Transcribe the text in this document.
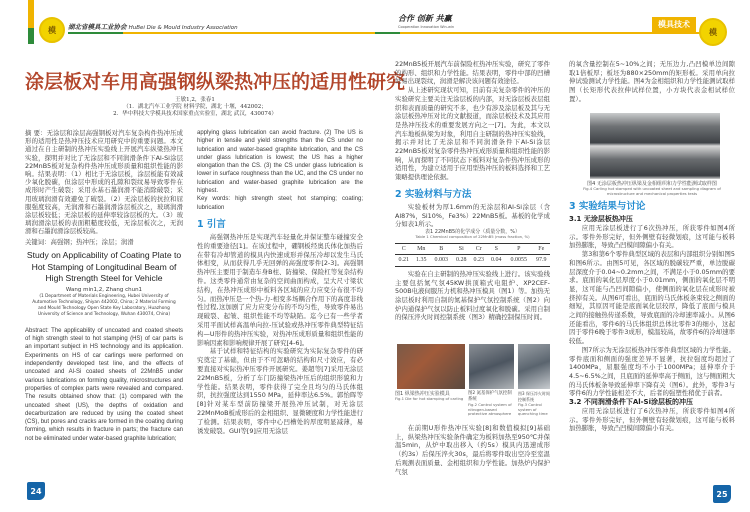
模 湖北省模具工业协会 HuBei Die & Mould Industry Association
合作 创新 共赢
Cooperation Innovation Win-win	模具技术
模
涂层板对车用高强钢纵梁热冲压的适用性研究
王敏1,2，张春1
（1．湖北汽车工业学院 材料学院，湖北 十堰，442002；
2．华中科技大学模具技术国家重点实验室，湖北 武汉，430074）
摘 要：无涂层和涂层高强钢板对汽车复杂构件热冲压成形的适用性是热冲压技术应用研究中的重要问题。本文通过在自主研制的热冲压实验线上开展汽车纵梁热冲压实验，探明并对比了无涂层和不同润滑条件下Al-Si涂层22MnB5板对复杂构件热冲压成形质量和组织性能的影响。结果表明：（1）相比于无涂层板，涂层板能有效减少氧化脱碳，但涂层中形成的孔隙和裂纹易导致零件在成形时产生破裂；采用水基石墨润滑不能消除破裂；采用玻璃润滑有效避免了破裂。（2）无涂层板的抗拉和屈服强度较高，无润滑和石墨润滑涂层板次之，玻璃润滑涂层板较低；无涂层板的延伸率较涂层板的大。（3）玻璃润滑涂层板的表面粗糙度较低，无涂层板次之，无润滑和石墨润滑涂层板较高。
关键词：高强钢；热冲压；涂层；润滑
Study on Applicability of Coating Plate to Hot Stamping of Longitudinal Beam of High Strength Steel for Vehicle
Wang min1,2, Zhang chun1
(1 Department of Materials Engineering, Hubei University of Automotive Technology, Shiyan 442002, China; 2 Material Forming and Mould Technology Open State Key Laboratory, Huazhong University of Science and Technology, Wuhan 430074, China)
Abstract: The applicability of uncoated and coated sheets of high strength steel to hot stamping (HS) of car parts is an important subject in HS technology and its application. Experiments on HS of car carlings were performed on independently developed test line, and the effects of uncoated and Al-Si coated sheets of 22MnB5 under various lubrications on forming quality, microstructures and properties of complex parts were revealed and compared. The results obtained show that: (1) compared with the uncoated sheet (US), the depths of oxidation and decarburization are reduced by using the coated sheet (CS), but pores and cracks are formed in the coating during forming, which results in fracture in parts; the fracture can not be eliminated under water-based graphite lubrication;
applying glass lubrication can avoid fracture. (2) The US is higher in tensile and yield strengths than the CS under no lubrication and water-based graphite lubrication, and the CS under glass lubrication is lowest; the US has a higher elongation than the CS. (3) the CS under glass lubrication is lower in surface roughness than the UC, and the CS under no lubrication and water-based graphite lubrication are the highest.
Key words: high strength steel; hot stamping; coating; lubrication
1 引言
高强钢热冲压是实现汽车轻量化并保证整车碰撞安全性的重要途径[1]。在该过程中，硼钢板经奥氏体化加热后在带有冷却管道的模具内快速成形并保压冷却以发生马氏体相变，从而获得几乎无回弹的高强度零件[2-3]。高强钢热冲压主要用于制造车身B柱、防撞梁、保险杠等复杂结构件。这类零件通常由复杂的空间曲面构成，呈大尺寸梁状结构，在热冲压成形中板料各区域的应力应变分布很不均匀。而热冲压是一个热-力-相变多场耦合作用下的高度非线性过程,这加剧了应力应变分布的不均匀性，导致零件易出现破裂、起皱、组织性能不均等缺陷。迄今已有一些学者采用平面试样高温单向拉-压试验或热冲压零件典型特征结构—U形件的热冲压实验，对热冲压成形质量和组织性能的影响因素和影响规律开展了研究[4-6]。
基于试样和特征结构的实验研究为实际复杂零件的研究奠定了基础，但由于不可忽略的结构和尺寸效应，有必要直接对实际热冲压零件开展研究。姜超等[7]采用无涂层22MnB5板，分析了车门防撞梁热冲压后的组织形貌和力学性能。结果表明，零件获得了完全且均匀的马氏体组织，抗拉强度达到1550 MPa，延伸率达6.5%。郭怡晖等[8]针对某车型前防撞梁开展热冲压试制，对无涂层22MnMoB板成形后的金相组织、显微硬度和力学性能进行了检测。结果表明，零件中心凹槽处的厚度明显减薄，易诱发破裂。GUI等[9]应用无涂层
22MnB5板开展汽车前保险杠热冲压实验，研究了零件的构形、组织和力学性能。结果表明，零件中部的凹槽处易出现裂纹，润滑是解决该问题有效途径。
从上述研究现状可知，目前有关复杂零件的冲压的实验研究主要关注无涂层板的内部，对无涂层板表层组织和表面质量的研究不多，也少有涉及涂层板及其与无涂层板热冲压对比的文献报道，而涂层板技术及其应用是热冲压技术的重要发展方向之一[7]。为此，本文以汽车地板纵梁为对象，利用自主研制的热冲压实验线，揭示并对比了无涂层和不同润滑条件下Al-Si涂层22MnB5板对复杂零件热冲压成形质量和组织性能的影响，从而探明了不同状态下板料对复杂件热冲压成形的适用性，为建立适用于应用型热冲压的板料选择和工艺策略提供理论依据。
2 实验材料与方法
实验板材为厚1.6mm的无涂层和Al-Si涂层（含Al87%，Si10%，Fe3%）22MnB5板。基板的化学成分如表1所示。
表1 22MnB5的化学成分（质量分数，%）
Table 1 Chemical composition of 22MnB5 (mass fraction, %)
C	Mn	B	Si	Cr	S	P	Fe
0.21	1.35	0.003	0.28	0.23	0.04	0.0055	97.9
实验在自主研制的热冲压实验线上进行。该实验线主要包括氮气氛45KW拱顶箱式电阻炉、XP2CEF-500B电液伺服压力机和热冲压模具（图1）等。加热无涂层板时利用自制的氮基保护气氛控制系统（图2）向炉内通保护气氛以防止板料过度氧化和脱碳。采用自制的保压淬火时间控制系统（图3）精确控制保压时间。
图1 纵梁热冲压实验模具
Fig.1 Die for hot stamping of carling
图2 氮基保护气氛控制系统
Fig.2 Control system of nitrogen-based protective atmosphere
图3 保压淬火时间控制系统
Fig.3 Control system of quenching time
在前期U形件热冲压实验[8]和数值模拟[9]基础上，纵梁热冲压实验条件确定为板料加热至950℃并保温5min，从炉中取出移入（约5s）模具内迅速成形（约3s）后保压淬火30s，最后将零件取出空冷至室温后观测表面质量、金相组织和力学性能。加热炉内保护气氛
的氧含量控制在5~10%之间；无压边力,凸凹模单边间隙取1倍板厚；板坯为880×250mm的矩形板。采用单向拉伸试验测试力学性能。图4为金相组织和力学性能测试取样图（长矩形代表拉伸试样位置，小方块代表金相试样位置）。
图4 无涂层板热冲压纵梁及金相组织和力学性能测试取样图
Fig.4 Carling hot stamped with uncoated sheet and sampling diagram of microstructure and mechanical properties tests
3 实验结果与讨论
3.1 无涂层板热冲压
应用无涂层板进行了6次热冲压，所获零件如图4所示。零件外形完好，但外侧壁有轻微划痕，这可能与板料加热膨胀，导致凸凹模间隙偏小有关。
第3和第6个零件典型区域的表层和内部组织分别如图5和图6所示。由图5可见，各区域的脱碳较严重，单边脱碳层深度介于0.04~0.2mm之间，不满足小于0.05mm的要求。底面的氧化层厚度小于0.01mm，侧面的氧化层不明显，这可能与凸凹间隙偏小，使侧面的氧化层在成形时被挤掉有关。从图6可看出，底面的马氏体板条束较之侧面的细短，其原因可能是底面氧化层较厚，降低了底面与模具之间的接触热传递系数，导致底面的冷却速率减小。从图6还能看出，零件6的马氏体组织总体比零件3的细小，这起因于零件6晚于零件3成形，模温较高，故零件6的冷却速率较低。
图7所示为无涂层板热冲压零件典型区域的力学性能。零件底面和侧面的强度差异不显著，抗拉强度均超过了1400MPa，屈服强度均不小于1000MPa；延伸率介于4.5~6.5%之间，且底面的延伸率高于侧面，这与侧面粗大的马氏体板条导致延伸率下降有关（图6）。此外，零件3与零件6的力学性能相差不大，后者的强塑性稍优于前者。
3.2 不同润滑条件下Al-Si涂层板的冲压
应用无涂层板进行了6次热冲压，所获零件如图4所示。零件外形完好，但外侧壁有轻微划痕，这可能与板料加热膨胀，导致凸凹模间隙偏小有关。
24	25
